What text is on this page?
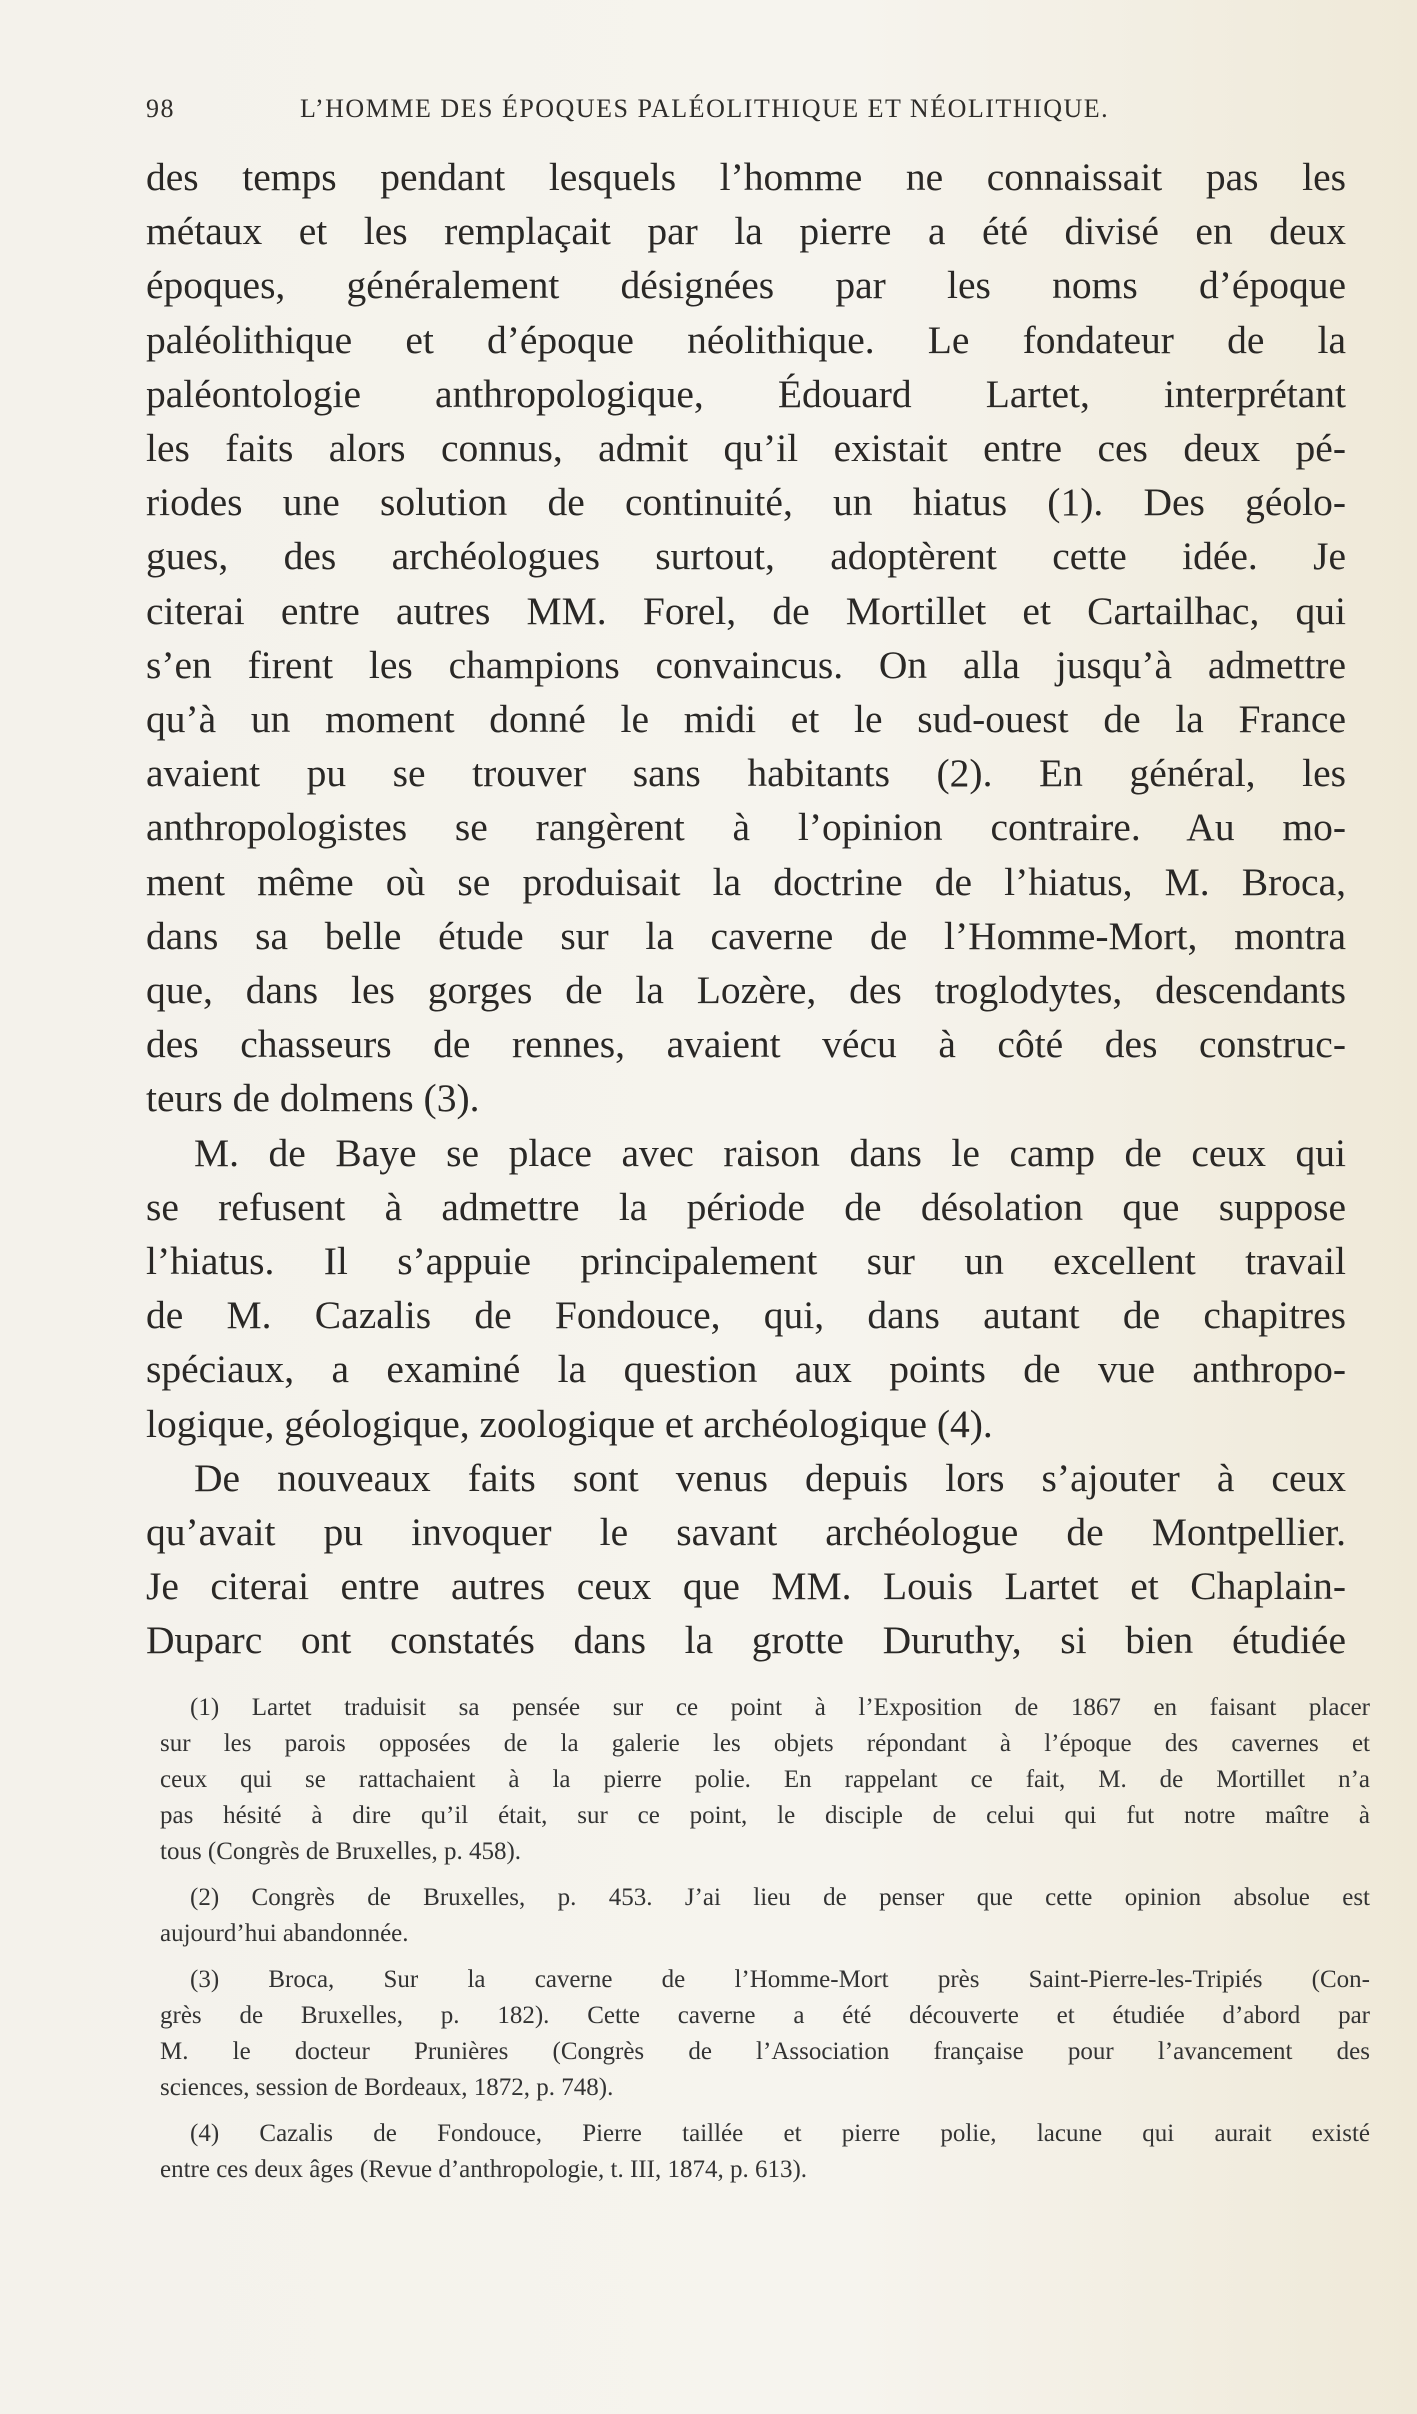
98	L’HOMME DES ÉPOQUES PALÉOLITHIQUE ET NÉOLITHIQUE.
des temps pendant lesquels l’homme ne connaissait pas les
métaux et les remplaçait par la pierre a été divisé en deux
époques, généralement désignées par les noms d’époque
paléolithique et d’époque néolithique. Le fondateur de la
paléontologie anthropologique, Édouard Lartet, interprétant
les faits alors connus, admit qu’il existait entre ces deux pé-
riodes une solution de continuité, un hiatus (1). Des géolo-
gues, des archéologues surtout, adoptèrent cette idée. Je
citerai entre autres MM. Forel, de Mortillet et Cartailhac, qui
s’en firent les champions convaincus. On alla jusqu’à admettre
qu’à un moment donné le midi et le sud-ouest de la France
avaient pu se trouver sans habitants (2). En général, les
anthropologistes se rangèrent à l’opinion contraire. Au mo-
ment même où se produisait la doctrine de l’hiatus, M. Broca,
dans sa belle étude sur la caverne de l’Homme-Mort, montra
que, dans les gorges de la Lozère, des troglodytes, descendants
des chasseurs de rennes, avaient vécu à côté des construc-
teurs de dolmens (3).
M. de Baye se place avec raison dans le camp de ceux qui
se refusent à admettre la période de désolation que suppose
l’hiatus. Il s’appuie principalement sur un excellent travail
de M. Cazalis de Fondouce, qui, dans autant de chapitres
spéciaux, a examiné la question aux points de vue anthropo-
logique, géologique, zoologique et archéologique (4).
De nouveaux faits sont venus depuis lors s’ajouter à ceux
qu’avait pu invoquer le savant archéologue de Montpellier.
Je citerai entre autres ceux que MM. Louis Lartet et Chaplain-
Duparc ont constatés dans la grotte Duruthy, si bien étudiée
(1) Lartet traduisit sa pensée sur ce point à l’Exposition de 1867 en faisant placer
sur les parois opposées de la galerie les objets répondant à l’époque des cavernes et
ceux qui se rattachaient à la pierre polie. En rappelant ce fait, M. de Mortillet n’a
pas hésité à dire qu’il était, sur ce point, le disciple de celui qui fut notre maître à
tous (Congrès de Bruxelles, p. 458).
(2) Congrès de Bruxelles, p. 453. J’ai lieu de penser que cette opinion absolue est
aujourd’hui abandonnée.
(3) Broca, Sur la caverne de l’Homme-Mort près Saint-Pierre-les-Tripiés (Con-
grès de Bruxelles, p. 182). Cette caverne a été découverte et étudiée d’abord par
M. le docteur Prunières (Congrès de l’Association française pour l’avancement des
sciences, session de Bordeaux, 1872, p. 748).
(4) Cazalis de Fondouce, Pierre taillée et pierre polie, lacune qui aurait existé
entre ces deux âges (Revue d’anthropologie, t. III, 1874, p. 613).
